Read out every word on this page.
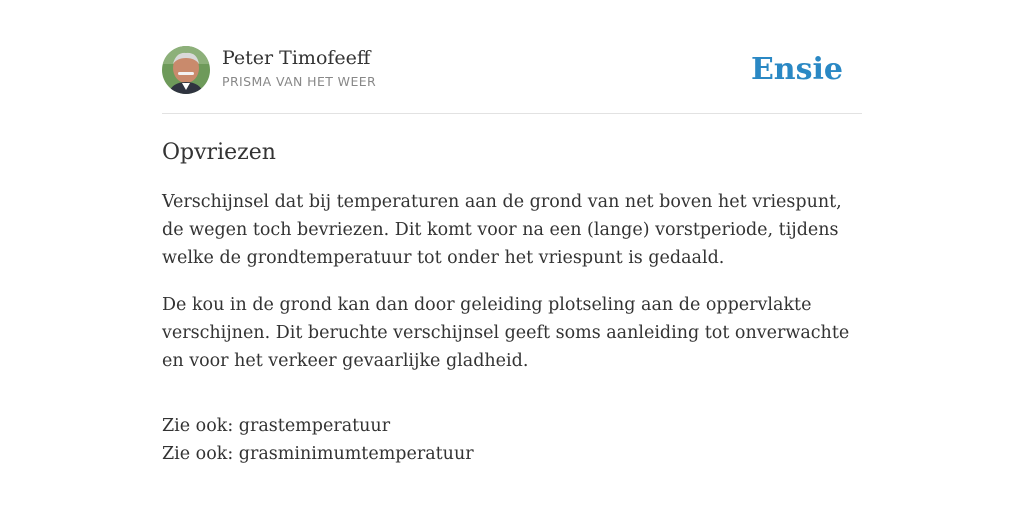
Peter Timofeeff
PRISMA VAN HET WEER	Ensie
Opvriezen

Verschijnsel dat bij temperaturen aan de grond van net boven het vriespunt, de wegen toch bevriezen. Dit komt voor na een (lange) vorstperiode, tijdens welke de grondtemperatuur tot onder het vriespunt is gedaald.

De kou in de grond kan dan door geleiding plotseling aan de oppervlakte verschijnen. Dit beruchte verschijnsel geeft soms aanleiding tot onverwachte en voor het verkeer gevaarlijke gladheid.

Zie ook: grastemperatuur
Zie ook: grasminimumtemperatuur
